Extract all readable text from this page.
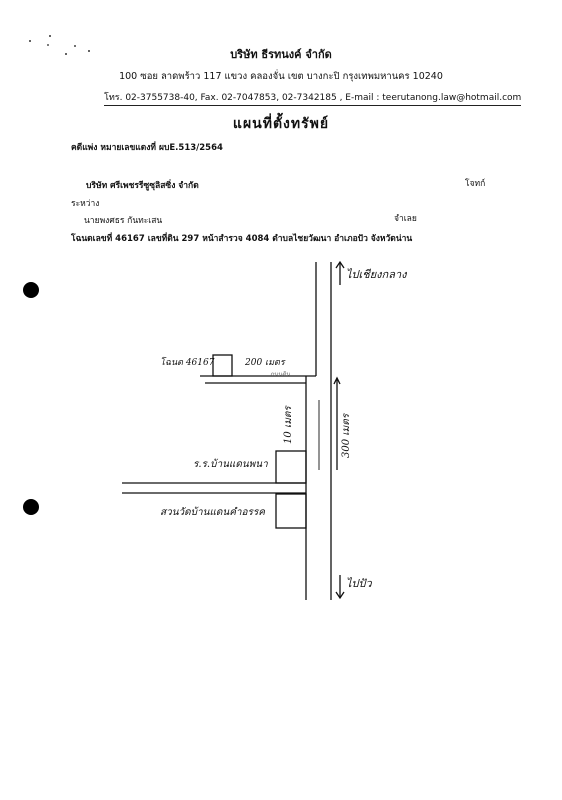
บริษัท ธีรทนงค์ จำกัด
100 ซอย ลาดพร้าว 117 แขวง คลองจั่น เขต บางกะปิ กรุงเทพมหานคร 10240
โทร. 02-3755738-40, Fax. 02-7047853, 02-7342185 , E-mail : teerutanong.law@hotmail.com
แผนที่ตั้งทรัพย์
คดีแพ่ง หมายเลขแดงที่ ผบE.513/2564
บริษัท ศรีเพชรรีซูซุลิสซิ่ง จำกัด	โจทก์
ระหว่าง
นายพงศธร กันทะเสน	จำเลย
โฉนดเลขที่ 46167 เลขที่ดิน 297 หน้าสำรวจ 4084 ตำบลไชยวัฒนา อำเภอปัว จังหวัดน่าน
ไปเชียงกลาง
ไปปัว
โฉนด 46167	200 เมตร
ถนนดิน
ร.ร.บ้านแดนพนา
สวนวัดบ้านแดนคำอรรค
10 เมตร	300 เมตร
